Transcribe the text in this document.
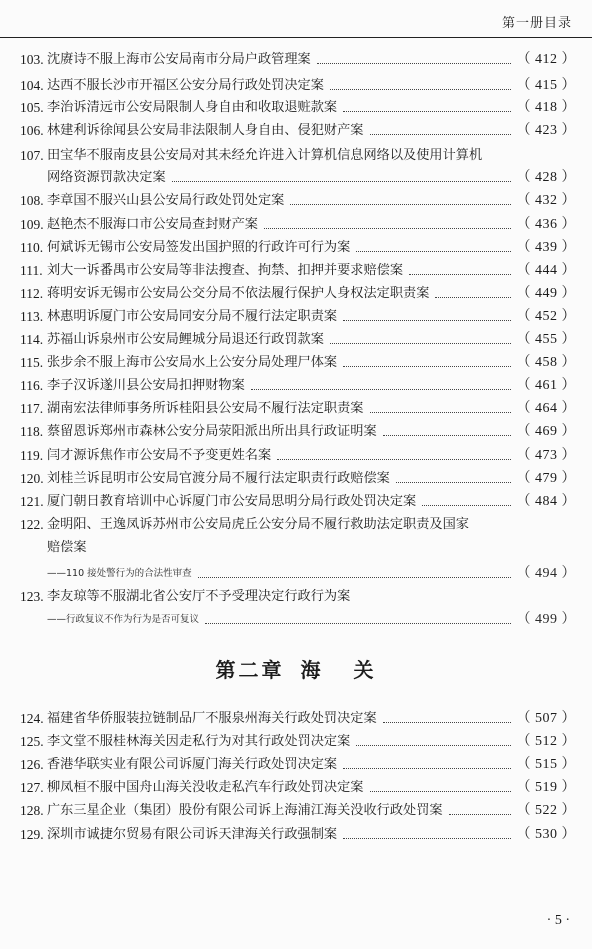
第一册目录
103. 沈赓诗不服上海市公安局南市分局户政管理案	（ 412 ）
104. 达西不服长沙市开福区公安分局行政处罚决定案	（ 415 ）
105. 李治诉清远市公安局限制人身自由和收取退赃款案	（ 418 ）
106. 林建利诉徐闻县公安局非法限制人身自由、侵犯财产案	（ 423 ）
107. 田宝华不服南皮县公安局对其未经允许进入计算机信息网络以及使用计算机
网络资源罚款决定案	（ 428 ）
108. 李章国不服兴山县公安局行政处罚处定案	（ 432 ）
109. 赵艳杰不服海口市公安局查封财产案	（ 436 ）
110. 何斌诉无锡市公安局签发出国护照的行政许可行为案	（ 439 ）
111. 刘大一诉番禺市公安局等非法搜查、拘禁、扣押并要求赔偿案	（ 444 ）
112. 蒋明安诉无锡市公安局公交分局不依法履行保护人身权法定职责案	（ 449 ）
113. 林惠明诉厦门市公安局同安分局不履行法定职责案	（ 452 ）
114. 苏福山诉泉州市公安局鲤城分局退还行政罚款案	（ 455 ）
115. 张步余不服上海市公安局水上公安分局处理尸体案	（ 458 ）
116. 李子汉诉遂川县公安局扣押财物案	（ 461 ）
117. 湖南宏法律师事务所诉桂阳县公安局不履行法定职责案	（ 464 ）
118. 蔡留恩诉郑州市森林公安分局荥阳派出所出具行政证明案	（ 469 ）
119. 闫才源诉焦作市公安局不予变更姓名案	（ 473 ）
120. 刘桂兰诉昆明市公安局官渡分局不履行法定职责行政赔偿案	（ 479 ）
121. 厦门朝日教育培训中心诉厦门市公安局思明分局行政处罚决定案	（ 484 ）
122. 金明阳、王逸凤诉苏州市公安局虎丘公安分局不履行救助法定职责及国家
赔偿案
——110 接处警行为的合法性审查	（ 494 ）
123. 李友琼等不服湖北省公安厅不予受理决定行政行为案
——行政复议不作为行为是否可复议	（ 499 ）
第二章 海 关
124. 福建省华侨服装拉链制品厂不服泉州海关行政处罚决定案	（ 507 ）
125. 李文堂不服桂林海关因走私行为对其行政处罚决定案	（ 512 ）
126. 香港华联实业有限公司诉厦门海关行政处罚决定案	（ 515 ）
127. 柳凤桓不服中国舟山海关没收走私汽车行政处罚决定案	（ 519 ）
128. 广东三星企业（集团）股份有限公司诉上海浦江海关没收行政处罚案	（ 522 ）
129. 深圳市诚捷尔贸易有限公司诉天津海关行政强制案	（ 530 ）
· 5 ·
